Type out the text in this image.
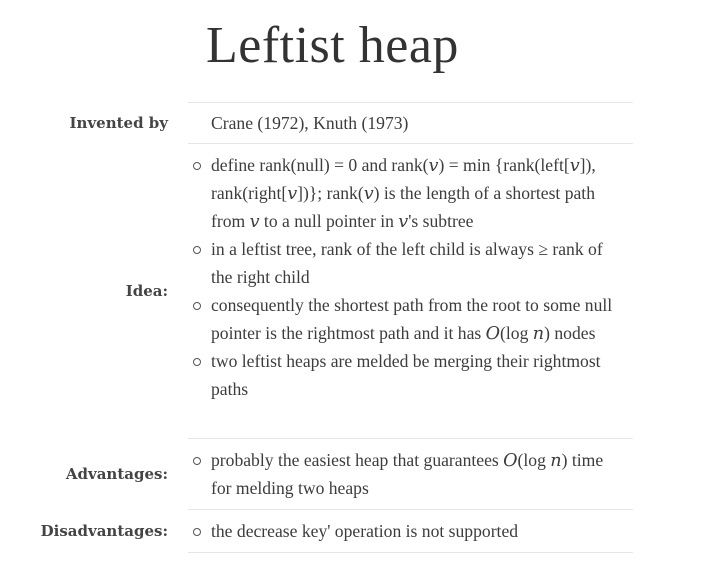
Leftist heap
Invented by Crane (1972), Knuth (1973)
Idea:
define rank(null) = 0 and rank(𝑣) = min {rank(left[𝑣]), rank(right[𝑣])}; rank(𝑣) is the length of a shortest path from 𝑣 to a null pointer in 𝑣's subtree
in a leftist tree, rank of the left child is always ≥ rank of the right child
consequently the shortest path from the root to some null pointer is the rightmost path and it has 𝑂(log 𝑛) nodes
two leftist heaps are melded be merging their rightmost paths
Advantages:
probably the easiest heap that guarantees 𝑂(log 𝑛) time for melding two heaps
Disadvantages: the decrease key' operation is not supported
